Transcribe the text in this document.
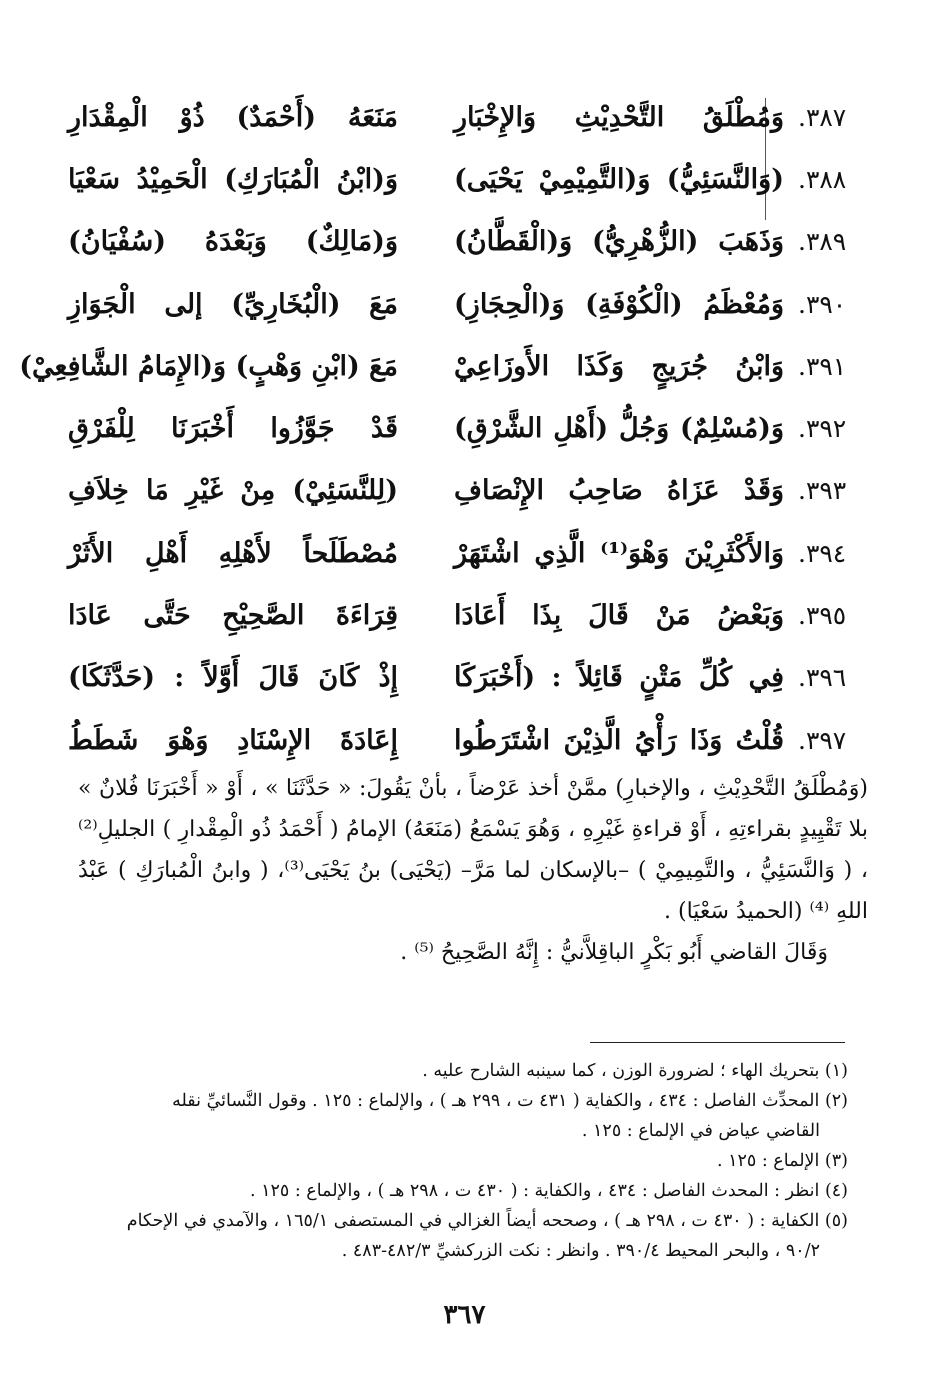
٣٨٧.
وَمُطْلَقُ التَّحْدِيْثِ وَالإِخْبَارِ
مَنَعَهُ (أَحْمَدٌ) ذُوْ الْمِقْدَارِ
٣٨٨.
(وَالنَّسَئِيُّ) وَ(التَّمِيْمِيْ يَحْيَى)
وَ(ابْنُ الْمُبَارَكِ) الْحَمِيْدُ سَعْيَا
٣٨٩.
وَذَهَبَ (الزُّهْرِيُّ) وَ(الْقَطَّانُ)
وَ(مَالِكٌ) وَبَعْدَهُ (سُفْيَانُ)
٣٩٠.
وَمُعْظَمُ (الْكُوْفَةِ) وَ(الْحِجَازِ)
مَعَ (الْبُخَارِيِّ) إلى الْجَوَازِ
٣٩١.
وَابْنُ جُرَيجٍ وَكَذَا الأَوزَاعِيْ
مَعَ (ابْنِ وَهْبٍ) وَ(الإِمَامُ الشَّافِعِيْ)
٣٩٢.
وَ(مُسْلِمٌ) وَجُلُّ (أَهْلِ الشَّرْقِ)
قَدْ جَوَّزُوا أَخْبَرَنَا لِلْفَرْقِ
٣٩٣.
وَقَدْ عَزَاهُ صَاحِبُ الإِنْصَافِ
(لِلنَّسَئِيْ) مِنْ غَيْرِ مَا خِلاَفِ
٣٩٤.
وَالأَكْثَرِيْنَ وَهْوَ⁽¹⁾ الَّذِي اشْتَهَرْ
مُصْطَلَحاً لأَهْلِهِ أَهْلِ الأَثَرْ
٣٩٥.
وَبَعْضُ مَنْ قَالَ بِذَا أَعَادَا
قِرَاءَةَ الصَّحِيْحِ حَتَّى عَادَا
٣٩٦.
فِي كُلِّ مَتْنٍ قَائِلاً : (أَخْبَرَكَا
إِذْ كَانَ قَالَ أَوَّلاً : (حَدَّثَكَا)
٣٩٧.
قُلْتُ وَذَا رَأْيُ الَّذِيْنَ اشْتَرَطُوا
إِعَادَةَ الإِسْنَادِ وَهْوَ شَطَطُ

(وَمُطْلَقُ التَّحْدِيْثِ ، والإخبارِ) ممَّنْ أخذ عَرْضاً ، بأنْ يَقُولَ: « حَدَّثَنَا » ، أَوْ « أَخْبَرَنَا فُلانٌ » بلا تَقْيِيدٍ بقراءتِهِ ، أَوْ قراءةِ غَيْرِهِ ، وَهُوَ يَسْمَعُ (مَنَعَهُ) الإمامُ ( أَحْمَدُ ذُو الْمِقْدارِ ) الجليلِ⁽²⁾ ، ( وَالنَّسَئِيُّ ، والتَّمِيمِيْ ) –بالإسكان لما مَرَّ– (يَحْيَى) بنُ يَحْيَى⁽³⁾، ( وابنُ الْمُبارَكِ ) عَبْدُ اللهِ ⁽⁴⁾ (الحميدُ سَعْيَا) .

وَقَالَ القاضي أَبُو بَكْرٍ الباقِلاَّنيُّ : إِنَّهُ الصَّحِيحُ ⁽⁵⁾ .

(١) بتحريك الهاء ؛ لضرورة الوزن ، كما سينبه الشارح عليه .

(٢) المحدِّث الفاصل : ٤٣٤ ، والكفاية ( ٤٣١ ت ، ٢٩٩ هـ ) ، والإلماع : ١٢٥ . وقول النَّسائيِّ نقله

القاضي عياض في الإلماع : ١٢٥ .

(٣) الإلماع : ١٢٥ .

(٤) انظر : المحدث الفاصل : ٤٣٤ ، والكفاية : ( ٤٣٠ ت ، ٢٩٨ هـ ) ، والإلماع : ١٢٥ .

(٥) الكفاية : ( ٤٣٠ ت ، ٢٩٨ هـ ) ، وصححه أيضاً الغزالي في المستصفى ١٦٥/١ ، والآمدي في الإحكام

٩٠/٢ ، والبحر المحيط ٣٩٠/٤ . وانظر : نكت الزركشيِّ ٤٨٢/٣-٤٨٣ .

٣٦٧
